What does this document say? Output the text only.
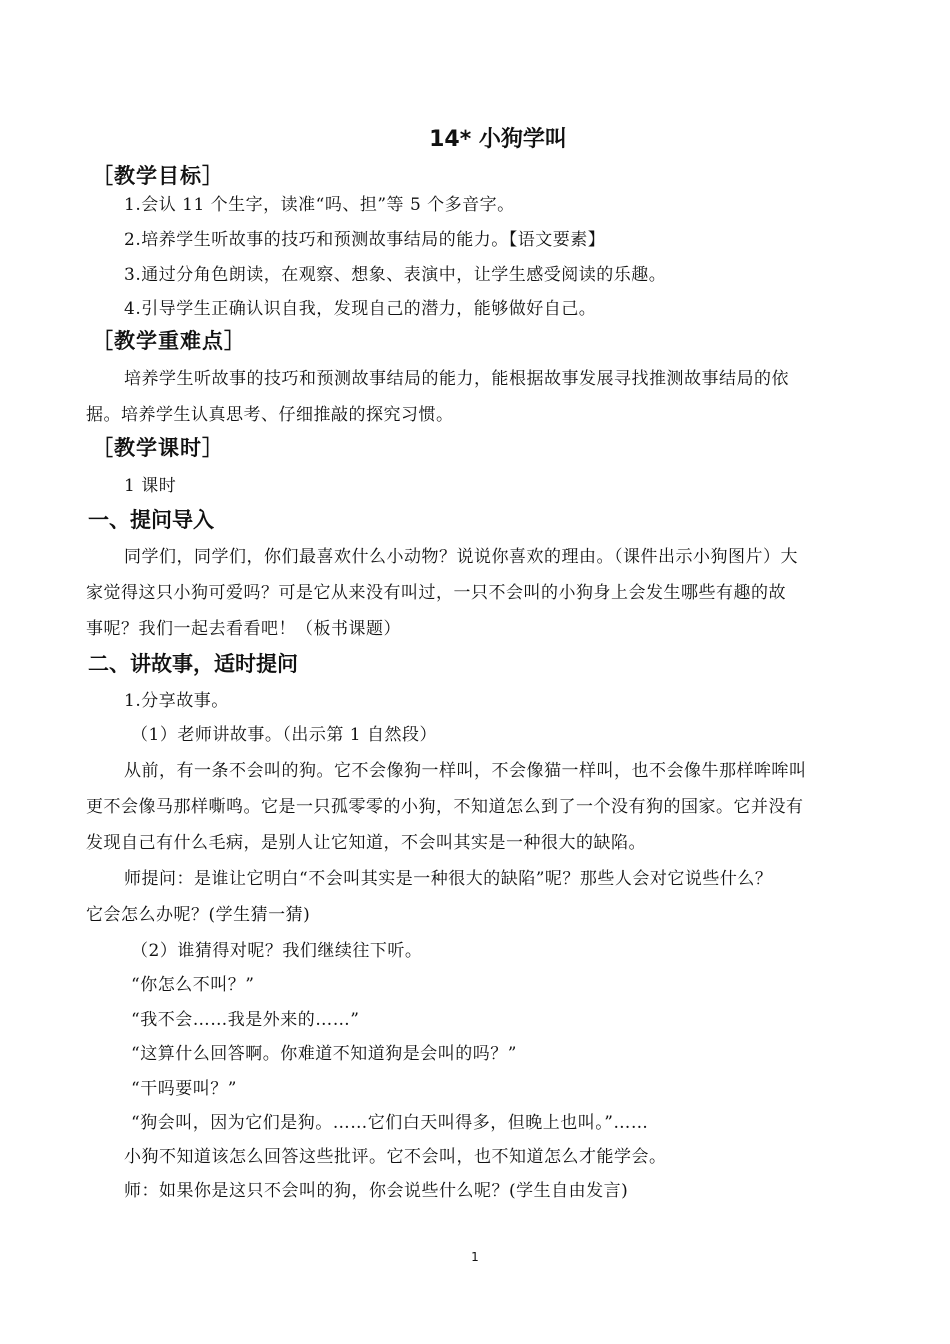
14* 小狗学叫
［教学目标］
1.会认 11 个生字，读准“吗、担”等 5 个多音字。
2.培养学生听故事的技巧和预测故事结局的能力。【语文要素】
3.通过分角色朗读，在观察、想象、表演中，让学生感受阅读的乐趣。
4.引导学生正确认识自我，发现自己的潜力，能够做好自己。
［教学重难点］
培养学生听故事的技巧和预测故事结局的能力，能根据故事发展寻找推测故事结局的依
据。培养学生认真思考、仔细推敲的探究习惯。
［教学课时］
1 课时
一、提问导入
同学们，同学们，你们最喜欢什么小动物？说说你喜欢的理由。（课件出示小狗图片）大
家觉得这只小狗可爱吗？可是它从来没有叫过，一只不会叫的小狗身上会发生哪些有趣的故
事呢？我们一起去看看吧！（板书课题）
二、讲故事，适时提问
1.分享故事。
（1）老师讲故事。（出示第 1 自然段）
从前，有一条不会叫的狗。它不会像狗一样叫，不会像猫一样叫，也不会像牛那样哞哞叫
更不会像马那样嘶鸣。它是一只孤零零的小狗，不知道怎么到了一个没有狗的国家。它并没有
发现自己有什么毛病，是别人让它知道，不会叫其实是一种很大的缺陷。
师提问：是谁让它明白“不会叫其实是一种很大的缺陷”呢？那些人会对它说些什么？
它会怎么办呢？(学生猜一猜)
（2）谁猜得对呢？我们继续往下听。
“你怎么不叫？”
“我不会……我是外来的……”
“这算什么回答啊。你难道不知道狗是会叫的吗？”
“干吗要叫？”
“狗会叫，因为它们是狗。……它们白天叫得多，但晚上也叫。”……
小狗不知道该怎么回答这些批评。它不会叫，也不知道怎么才能学会。
师：如果你是这只不会叫的狗，你会说些什么呢？(学生自由发言)
1
